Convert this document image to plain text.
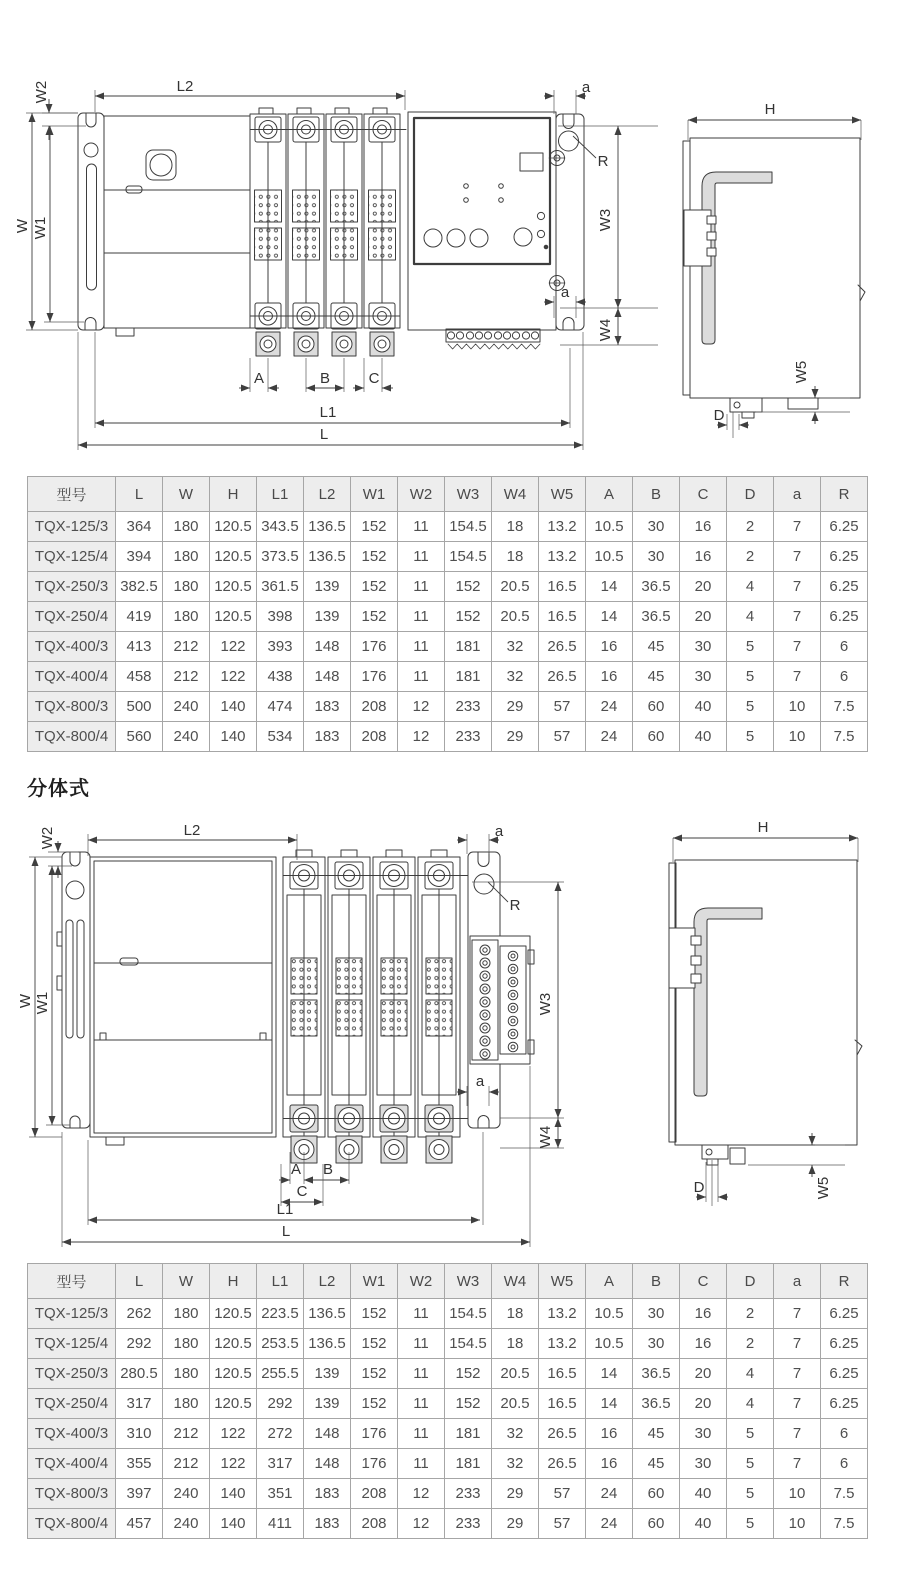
L2
W2
W W1
a
R
W3
W4
a
A	B	C
L1
L
H
W5
D
型号	L	W	H	L1	L2	W1	W2	W3	W4	W5	A	B	C	D	a	R
TQX-125/3	364	180	120.5	343.5	136.5	152	11	154.5	18	13.2	10.5	30	16	2	7	6.25
TQX-125/4	394	180	120.5	373.5	136.5	152	11	154.5	18	13.2	10.5	30	16	2	7	6.25
TQX-250/3	382.5	180	120.5	361.5	139	152	11	152	20.5	16.5	14	36.5	20	4	7	6.25
TQX-250/4	419	180	120.5	398	139	152	11	152	20.5	16.5	14	36.5	20	4	7	6.25
TQX-400/3	413	212	122	393	148	176	11	181	32	26.5	16	45	30	5	7	6
TQX-400/4	458	212	122	438	148	176	11	181	32	26.5	16	45	30	5	7	6
TQX-800/3	500	240	140	474	183	208	12	233	29	57	24	60	40	5	10	7.5
TQX-800/4	560	240	140	534	183	208	12	233	29	57	24	60	40	5	10	7.5
分体式
L2
W2
W W1
a
R
W3
W4
a
A B
C
L1
L
H
D	W5
型号	L	W	H	L1	L2	W1	W2	W3	W4	W5	A	B	C	D	a	R
TQX-125/3	262	180	120.5	223.5	136.5	152	11	154.5	18	13.2	10.5	30	16	2	7	6.25
TQX-125/4	292	180	120.5	253.5	136.5	152	11	154.5	18	13.2	10.5	30	16	2	7	6.25
TQX-250/3	280.5	180	120.5	255.5	139	152	11	152	20.5	16.5	14	36.5	20	4	7	6.25
TQX-250/4	317	180	120.5	292	139	152	11	152	20.5	16.5	14	36.5	20	4	7	6.25
TQX-400/3	310	212	122	272	148	176	11	181	32	26.5	16	45	30	5	7	6
TQX-400/4	355	212	122	317	148	176	11	181	32	26.5	16	45	30	5	7	6
TQX-800/3	397	240	140	351	183	208	12	233	29	57	24	60	40	5	10	7.5
TQX-800/4	457	240	140	411	183	208	12	233	29	57	24	60	40	5	10	7.5
